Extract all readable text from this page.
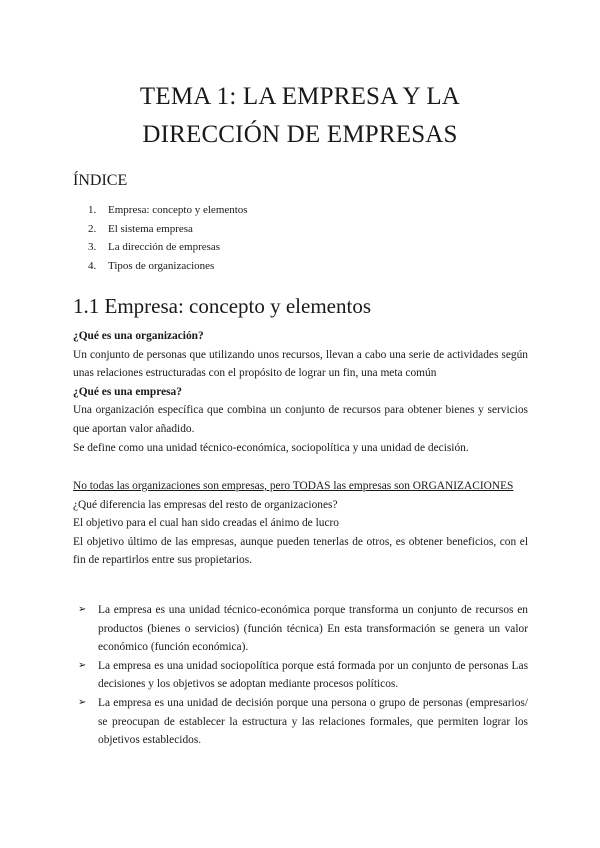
TEMA 1: LA EMPRESA Y LA
DIRECCIÓN DE EMPRESAS
ÍNDICE
1. Empresa: concepto y elementos
2. El sistema empresa
3. La dirección de empresas
4. Tipos de organizaciones
1.1 Empresa: concepto y elementos
¿Qué es una organización?
Un conjunto de personas que utilizando unos recursos, llevan a cabo una serie de actividades según unas relaciones estructuradas con el propósito de lograr un fin, una meta común
¿Qué es una empresa?
Una organización específica que combina un conjunto de recursos para obtener bienes y servicios que aportan valor añadido.
Se define como una unidad técnico-económica, sociopolítica y una unidad de decisión.
No todas las organizaciones son empresas, pero TODAS las empresas son ORGANIZACIONES
¿Qué diferencia las empresas del resto de organizaciones?
El objetivo para el cual han sido creadas el ánimo de lucro
El objetivo último de las empresas, aunque pueden tenerlas de otros, es obtener beneficios, con el fin de repartirlos entre sus propietarios.
➢	La empresa es una unidad técnico-económica porque transforma un conjunto de recursos en productos (bienes o servicios) (función técnica) En esta transformación se genera un valor económico (función económica).
➢	La empresa es una unidad sociopolítica porque está formada por un conjunto de personas Las decisiones y los objetivos se adoptan mediante procesos políticos.
➢	La empresa es una unidad de decisión porque una persona o grupo de personas (empresarios/ se preocupan de establecer la estructura y las relaciones formales, que permiten lograr los objetivos establecidos.
